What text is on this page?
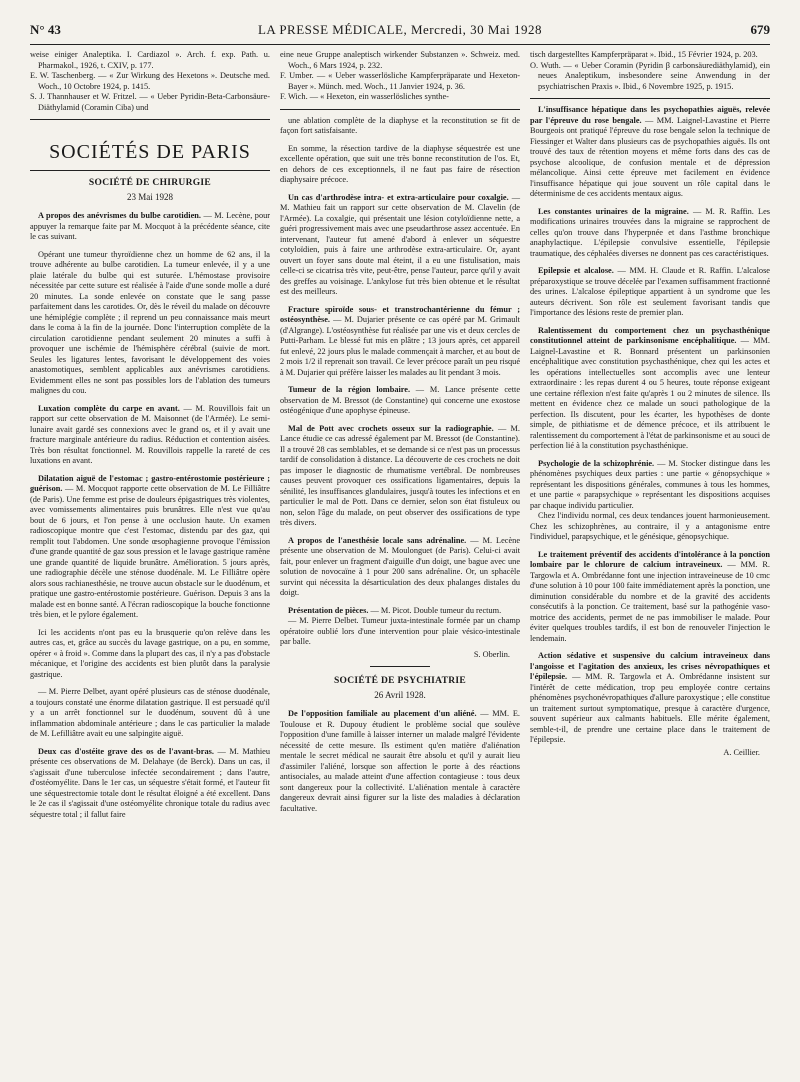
N° 43	LA PRESSE MÉDICALE, Mercredi, 30 Mai 1928	679

weise einiger Analeptika. I. Cardiazol ». Arch. f. exp. Path. u. Pharmakol., 1926, t. CXIV, p. 177.

E. W. Taschenberg. — « Zur Wirkung des Hexetons ». Deutsche med. Woch., 10 Octobre 1924, p. 1415.

S. J. Thannhauser et W. Fritzel. — « Ueber Pyridin-Beta-Carbonsäure-Diäthylamid (Coramin Ciba) und

SOCIÉTÉS DE PARIS
SOCIÉTÉ DE CHIRURGIE
23 Mai 1928

A propos des anévrismes du bulbe carotidien. — M. Lecène, pour appuyer la remarque faite par M. Mocquot à la précédente séance, cite le cas suivant.

Opérant une tumeur thyroïdienne chez un homme de 62 ans, il la trouve adhérente au bulbe carotidien. La tumeur enlevée, il y a une plaie latérale du bulbe qui est suturée. L'hémostase provisoire nécessitée par cette suture est réalisée à l'aide d'une sonde molle a duré 20 minutes. La sonde enlevée on constate que le sang passe parfaitement dans les carotides. Or, dès le réveil du malade on découvre une hémiplégie complète ; il reprend un peu connaissance mais meurt dans le coma à la fin de la journée. Donc l'interruption complète de la circulation carotidienne pendant seulement 20 minutes a suffi à provoquer une ischémie de l'hémisphère cérébral (suivie de mort. Seules les ligatures lentes, favorisant le développement des voies anastomotiques, semblent applicables aux anévrismes carotidiens. Evidemment elles ne sont pas possibles lors de l'ablation des tumeurs malignes du cou.

Luxation complète du carpe en avant. — M. Rouvillois fait un rapport sur cette observation de M. Maisonnet (de l'Armée). Le semi-lunaire avait gardé ses connexions avec le grand os, et il y avait une fracture marginale antérieure du radius. Réduction et contention aisées. Très bon résultat fonctionnel. M. Rouvillois rappelle la rareté de ces luxations en avant.

Dilatation aiguë de l'estomac ; gastro-entérostomie postérieure ; guérison. — M. Mocquot rapporte cette observation de M. Le Filliâtre (de Paris). Une femme est prise de douleurs épigastriques très violentes, avec vomissements alimentaires puis brunâtres. Elle n'est vue qu'au bout de 6 jours, et l'on pense à une occlusion haute. Un examen radioscopique montre que c'est l'estomac, distendu par des gaz, qui remplit tout l'abdomen. Une sonde œsophagienne provoque l'émission d'une grande quantité de gaz sous pression et le lavage gastrique ramène une grande quantité de liquide brunâtre. Amélioration. 5 jours après, une radiographie décèle une sténose duodénale. M. Le Filliâtre opère alors sous rachianesthésie, ne trouve aucun obstacle sur le duodénum, et pratique une gastro-entérostomie postérieure. Guérison. Depuis 3 ans la malade est en bonne santé. A l'écran radioscopique la bouche fonctionne très bien, et le pylore également.

Ici les accidents n'ont pas eu la brusquerie qu'on relève dans les autres cas, et, grâce au succès du lavage gastrique, on a pu, en somme, opérer « à froid ». Comme dans la plupart des cas, il n'y a pas d'obstacle mécanique, et l'origine des accidents est bien plutôt dans la paralysie gastrique.

— M. Pierre Delbet, ayant opéré plusieurs cas de sténose duodénale, a toujours constaté une énorme dilatation gastrique. Il est persuadé qu'il y a un arrêt fonctionnel sur le duodénum, souvent dû à une inflammation abdominale antérieure ; dans le cas particulier la malade de M. Lefilliâtre avait eu une salpingite aiguë.

Deux cas d'ostéite grave des os de l'avant-bras. — M. Mathieu présente ces observations de M. Delahaye (de Berck). Dans un cas, il s'agissait d'une tuberculose infectée secondairement ; dans l'autre, d'ostéomyélite. Dans le 1er cas, un séquestre s'était formé, et l'auteur fit une séquestrectomie totale dont le résultat éloigné a été excellent. Dans le 2e cas il s'agissait d'une ostéomyélite chronique totale du radius avec séquestre total ; il fallut faire

eine neue Gruppe analeptisch wirkender Substanzen ». Schweiz. med. Woch., 6 Mars 1924, p. 232.

F. Umber. — « Ueber wasserlösliche Kampferpräparate und Hexeton-Bayer ». Münch. med. Woch., 11 Janvier 1924, p. 36.

F. Wich. — « Hexeton, ein wasserlösliches synthe-

une ablation complète de la diaphyse et la reconstitution se fit de façon fort satisfaisante.

En somme, la résection tardive de la diaphyse séquestrée est une excellente opération, que suit une très bonne reconstitution de l'os. Et, en dehors de ces exceptionnels, il ne faut pas faire de résection diaphysaire précoce.

Un cas d'arthrodèse intra- et extra-articulaire pour coxalgie. — M. Mathieu fait un rapport sur cette observation de M. Clavelin (de l'Armée). La coxalgie, qui présentait une lésion cotyloïdienne nette, a guéri progressivement mais avec une pseudarthrose assez accentuée. En intervenant, l'auteur fut amené d'abord à enlever un séquestre cotyloïdien, puis à faire une arthrodèse extra-articulaire. Or, ayant ouvert un foyer sans doute mal éteint, il a eu une fistulisation, mais celle-ci se cicatrisa très vite, peut-être, pense l'auteur, parce qu'il y avait des greffes au voisinage. L'ankylose fut très bien obtenue et le résultat est des meilleurs.

Fracture spiroïde sous- et transtrochantérienne du fémur ; ostéosynthèse. — M. Dujarier présente ce cas opéré par M. Grimault (d'Algrange). L'ostéosynthèse fut réalisée par une vis et deux cercles de Putti-Parham. Le blessé fut mis en plâtre ; 13 jours après, cet appareil fut enlevé, 22 jours plus le malade commençait à marcher, et au bout de 2 mois 1/2 il reprenait son travail. Ce lever précoce paraît un peu risqué à M. Dujarier qui préfère laisser les malades au lit pendant 3 mois.

Tumeur de la région lombaire. — M. Lance présente cette observation de M. Bressot (de Constantine) qui concerne une exostose ostéogénique d'une apophyse épineuse.

Mal de Pott avec crochets osseux sur la radiographie. — M. Lance étudie ce cas adressé également par M. Bressot (de Constantine). Il a trouvé 28 cas semblables, et se demande si ce n'est pas un processus tardif de consolidation à distance. La découverte de ces crochets ne doit pas imposer le diagnostic de rhumatisme vertébral. De nombreuses causes peuvent provoquer ces ossifications ligamentaires, depuis la sénilité, les insuffisances glandulaires, jusqu'à toutes les infections et en particulier le mal de Pott. Dans ce dernier, selon son état fistuleux ou non, selon l'âge du malade, on peut observer des ossifications de type très divers.

A propos de l'anesthésie locale sans adrénaline. — M. Lecène présente une observation de M. Moulonguet (de Paris). Celui-ci avait fait, pour enlever un fragment d'aiguille d'un doigt, une bague avec une solution de novocaïne à 1 pour 200 sans adrénaline. Or, un sphacèle survint qui nécessita la désarticulation des deux phalanges distales du doigt.

Présentation de pièces. — M. Picot. Double tumeur du rectum.

— M. Pierre Delbet. Tumeur juxta-intestinale formée par un champ opératoire oublié lors d'une intervention pour plaie vésico-intestinale par balle.

S. Oberlin.
SOCIÉTÉ DE PSYCHIATRIE
26 Avril 1928.

De l'opposition familiale au placement d'un aliéné. — MM. E. Toulouse et R. Dupouy étudient le problème social que soulève l'opposition d'une famille à laisser interner un malade malgré l'évidente nécessité de cette mesure. Ils estiment qu'en matière d'aliénation mentale le secret médical ne saurait être absolu et qu'il y aurait lieu d'assimiler l'aliéné, lorsque son affection le porte à des réactions antisociales, au malade atteint d'une affection contagieuse : tous deux sont dangereux pour la collectivité. L'aliénation mentale à caractère dangereux devrait ainsi figurer sur la liste des maladies à déclaration facultative.

tisch dargestelltes Kampferpräparat ». Ibid., 15 Février 1924, p. 203.

O. Wuth. — « Ueber Coramin (Pyridin β carbonsäurediäthylamid), ein neues Analeptikum, insbesondere seine Anwendung in der psychiatrischen Praxis ». Ibid., 6 Novembre 1925, p. 1915.

L'insuffisance hépatique dans les psychopathies aiguës, relevée par l'épreuve du rose bengale. — MM. Laignel-Lavastine et Pierre Bourgeois ont pratiqué l'épreuve du rose bengale selon la technique de Fiessinger et Walter dans plusieurs cas de psychopathies aiguës. Ils ont trouvé des taux de rétention moyens et même forts dans des cas de psychose alcoolique, de confusion mentale et de dépression mélancolique. Ainsi cette épreuve met facilement en évidence l'insuffisance hépatique qui joue souvent un rôle capital dans le déterminisme de ces accidents mentaux aigus.

Les constantes urinaires de la migraine. — M. R. Raffin. Les modifications urinaires trouvées dans la migraine se rapprochent de celles qu'on trouve dans l'hyperpnée et dans l'asthme bronchique anaphylactique. L'épilepsie convulsive essentielle, l'épilepsie traumatique, des céphalées diverses ne donnent pas ces caractéristiques.

Epilepsie et alcalose. — MM. H. Claude et R. Raffin. L'alcalose préparoxystique se trouve décelée par l'examen suffisamment fractionné des urines. L'alcalose épileptique appartient à un syndrome que les auteurs décrivent. Son rôle est seulement favorisant tandis que l'importance des lésions reste de premier plan.

Ralentissement du comportement chez un psychasthénique constitutionnel atteint de parkinsonisme encéphalitique. — MM. Laignel-Lavastine et R. Bonnard présentent un parkinsonien encéphalitique avec constitution psychasthénique, chez qui les actes et les opérations intellectuelles sont accomplis avec une lenteur extraordinaire : les repas durent 4 ou 5 heures, toute réponse exigeant une certaine réflexion n'est faite qu'après 1 ou 2 minutes de silence. Ils mettent en évidence chez ce malade un souci pathologique de la perfection. Ils discutent, pour les écarter, les hypothèses de donte simple, de pithiatisme et de démence précoce, et ils attribuent le ralentissement du comportement à l'état de parkinsonisme et au souci de perfection lié à la constitution psychasthénique.

Psychologie de la schizophrénie. — M. Stocker distingue dans les phénomènes psychiques deux parties : une partie « génopsychique » représentant les dispositions générales, communes à tous les hommes, et une partie « parapsychique » représentant les dispositions acquises par chaque individu particulier.

Chez l'individu normal, ces deux tendances jouent harmonieusement. Chez les schizophrènes, au contraire, il y a antagonisme entre l'individuel, parapsychique, et le génésique, génopsychique.

Le traitement préventif des accidents d'intolérance à la ponction lombaire par le chlorure de calcium intraveineux. — MM. R. Targowla et A. Ombrédanne font une injection intraveineuse de 10 cmc d'une solution à 10 pour 100 faite immédiatement après la ponction, une diminution considérable du nombre et de la gravité des accidents consécutifs à la ponction. Ce traitement, basé sur la pathogénie vaso-motrice des accidents, permet de ne pas immobiliser le malade. Pour éviter quelques troubles tardifs, il est bon de renouveler l'injection le lendemain.

Action sédative et suspensive du calcium intraveineux dans l'angoisse et l'agitation des anxieux, les crises névropathiques et l'épilepsie. — MM. R. Targowla et A. Ombrédanne insistent sur l'intérêt de cette médication, trop peu employée contre certains phénomènes psychonévropathiques d'allure paroxystique ; elle constitue un traitement surtout symptomatique, presque à caractère d'urgence, souvent supérieur aux calmants habituels. Elle mérite également, semble-t-il, de prendre une certaine place dans le traitement de l'épilepsie.

A. Ceillier.
